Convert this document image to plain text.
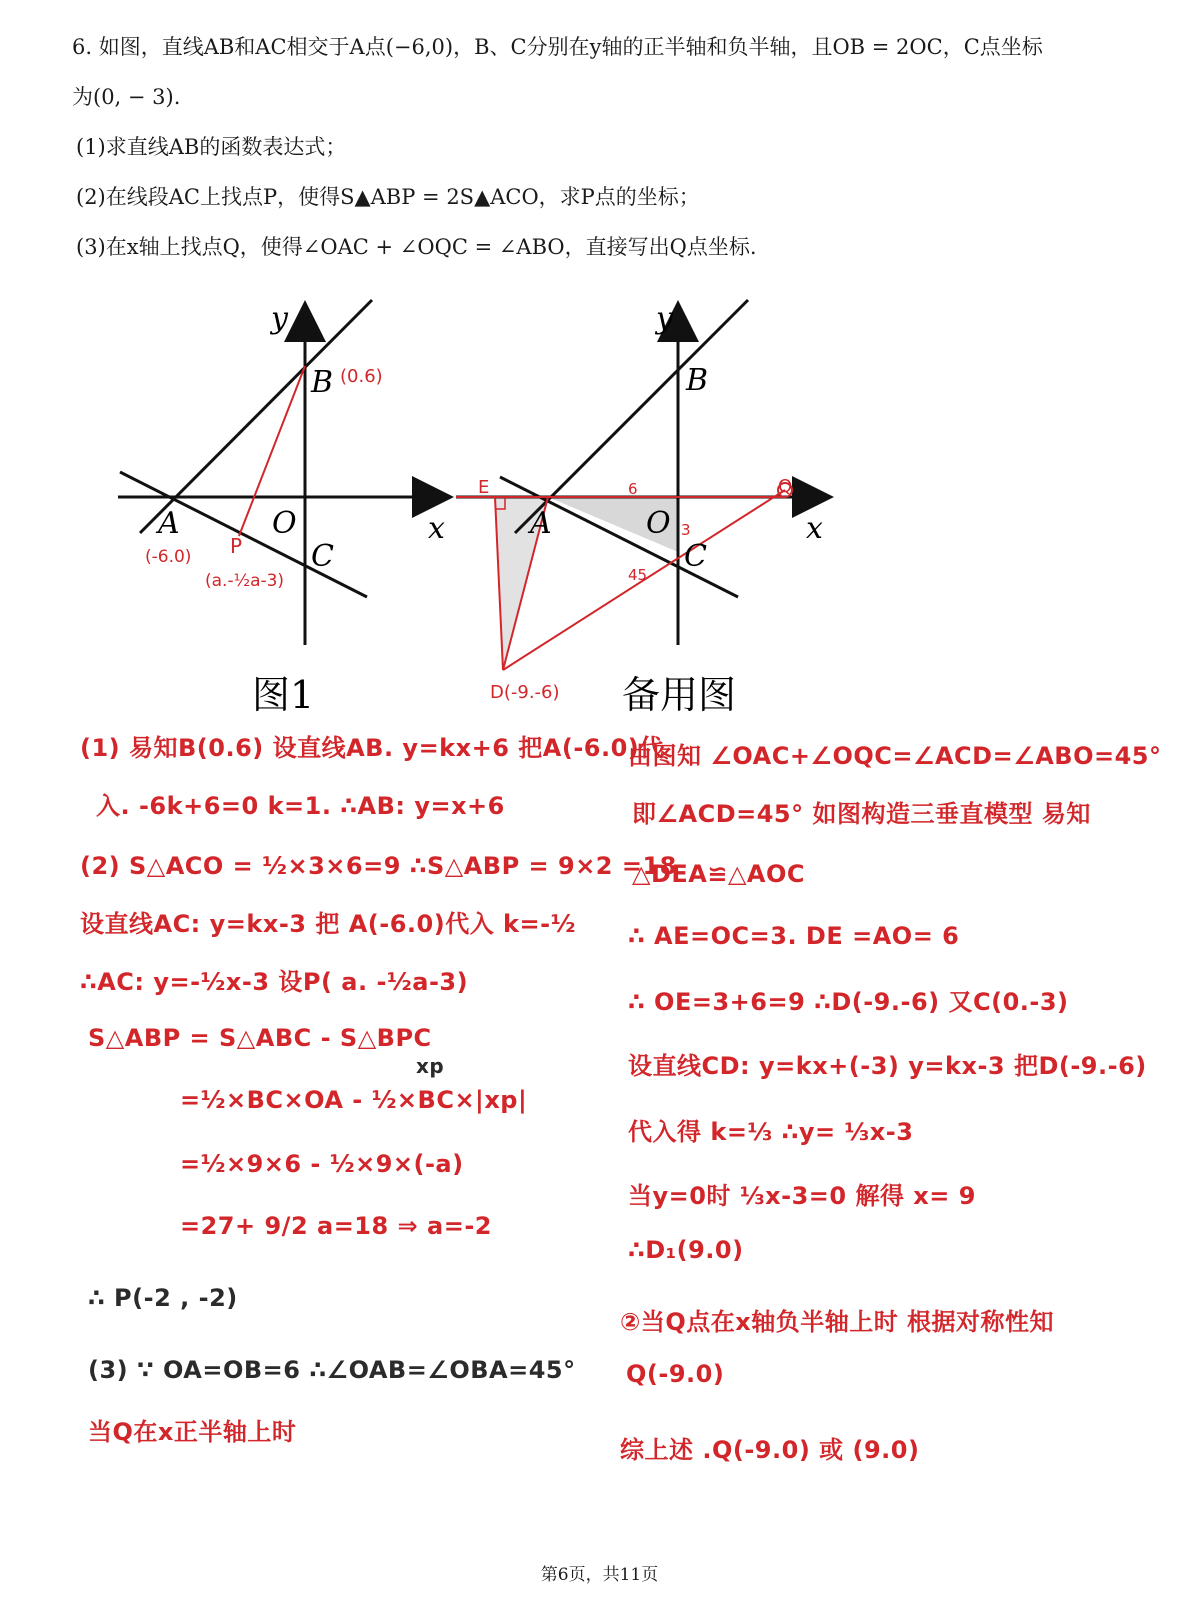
6. 如图，直线AB和AC相交于A点(−6,0)，B、C分别在y轴的正半轴和负半轴，且OB = 2OC，C点坐标

为(0, − 3).

(1)求直线AB的函数表达式；

(2)在线段AC上找点P，使得S▲ABP = 2S▲ACO，求P点的坐标；

(3)在x轴上找点Q，使得∠OAC + ∠OQC = ∠ABO，直接写出Q点坐标.

y
x
O
A
B
C
P
(0.6)
(-6.0)
(a.-½a-3)
图1
y
x
O
A
B
C
E	Q
6
3
45
D(-9.-6) 备用图
(1) 易知B(0.6) 设直线AB. y=kx+6 把A(-6.0)代
入. -6k+6=0 k=1. ∴AB: y=x+6
(2) S△ACO = ½×3×6=9 ∴S△ABP = 9×2 =18
设直线AC: y=kx-3 把 A(-6.0)代入 k=-½
∴AC: y=-½x-3 设P( a. -½a-3)
S△ABP = S△ABC - S△BPC
xp
=½×BC×OA - ½×BC×|xp|
=½×9×6 - ½×9×(-a)
=27+ 9/2 a=18 ⇒ a=-2
∴ P(-2 , -2)
(3) ∵ OA=OB=6 ∴∠OAB=∠OBA=45°
当Q在x正半轴上时
由图知 ∠OAC+∠OQC=∠ACD=∠ABO=45°
即∠ACD=45° 如图构造三垂直模型 易知
△DEA≌△AOC
∴ AE=OC=3. DE =AO= 6
∴ OE=3+6=9 ∴D(-9.-6) 又C(0.-3)
设直线CD: y=kx+(-3) y=kx-3 把D(-9.-6)
代入得 k=⅓ ∴y= ⅓x-3
当y=0时 ⅓x-3=0 解得 x= 9
∴D₁(9.0)
②当Q点在x轴负半轴上时 根据对称性知
Q(-9.0)
综上述 .Q(-9.0) 或 (9.0)
第6页，共11页
